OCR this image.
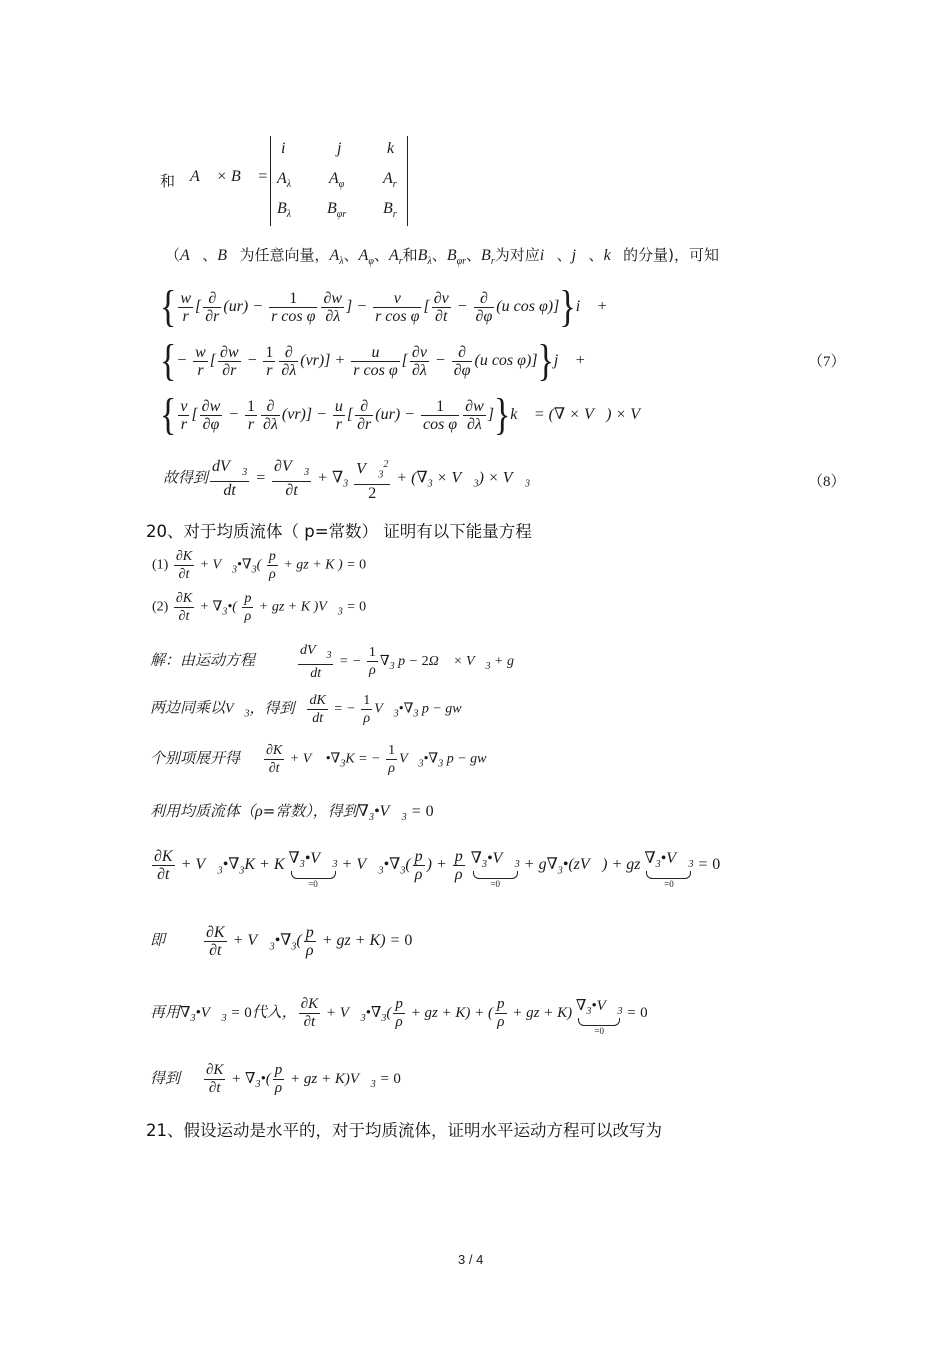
和 A⃗ × B⃗ =
i⃗ j⃗ k⃗
$A_\lambda$ $A_\varphi$ $A_r$
$B_\lambda$ $B_{\varphi r}$ $B_r$
（A⃗、B⃗为任意向量，$A_\lambda$、$A_\varphi$、$A_r$和$B_\lambda$、$B_{\varphi r}$、$B_r$为对应i⃗、j⃗、k⃗的分量)，可知
{ $\frac{w}{r}$ [ $\frac{\partial}{\partial r} (ur) - \frac{1}{\text{r cos φ}} \frac{\partial w}{\partial\lambda}$ ] − $\frac{v}{\text{r cos φ}}$ [ $\frac{\partial v}{\partial t} - \frac{\partial}{\partial\varphi} (u$ cos φ)]}i⃗ +
{− $\frac{w}{r}$ [ $\frac{\partial w}{\partial r} - \frac{1}{r} \frac{\partial}{\partial\lambda} (vr)] + \frac{u}{\text{r cos φ}}$ [ $\frac{\partial v}{\partial\lambda} - \frac{\partial}{\partial\varphi} (u$ cos φ)]}j⃗ +	（7）
{ $\frac{v}{r}$ [ $\frac{\partial w}{\partial\varphi} - \frac{1}{r} \frac{\partial}{\partial\lambda} (vr)] - \frac{u}{r}$ [ $\frac{\partial}{\partial r} (ur) - \frac{1}{\text{cos φ}} \frac{\partial w}{\partial\lambda}$ ]}k⃗ = (∇ × V⃗) × V⃗
故得到 $\frac{dV⃗_3}{dt} = \frac{\partial V⃗_3}{\partial t} + \nabla_3 \frac{V⃗_3^2}{2} + (\nabla_3$ × $V⃗_3$) × $V⃗_3$	（8）
20、对于均质流体（ p=常数） 证明有以下能量方程
$(1) \frac{\partial K}{\partial t}$ + $V⃗_3•\nabla_3( \frac{p}{\rho}$ + gz + K ) = 0
$(2) \frac{\partial K}{\partial t}$ + $\nabla_3•( \frac{p}{\rho}$ + gz + K )$V⃗_3 = 0$
解：由运动方程	$\frac{dV⃗_3}{dt}$ = − $\frac{1}{\rho} \nabla_3$ p − 2Ω⃗ × $V⃗_3$ + g⃗
两边同乘以$V⃗_3$，得到 $\frac{dK}{dt}$ = − $\frac{1}{\rho}$ $V⃗_3•\nabla_3$ p − gw
个别项展开得 $\frac{\partial K}{\partial t}$ + V⃗ $•\nabla_3K$ = − $\frac{1}{\rho}$ $V⃗_3•\nabla_3$ p − gw
利用均质流体（ρ=常数），得到$\nabla_3•V⃗_3 = 0$
$\frac{\partial K}{\partial t}$ + $V⃗_3•\nabla_3K + K$ $\nabla_3•V⃗_3$
=0
+ $V⃗_3•\nabla_3( \frac{p}{\rho}$ ) + $\frac{p}{\rho}$ $\nabla_3•V⃗_3$
=0
+ $g\nabla_3•(zV⃗)$ + gz $\nabla_3•V⃗_3$
=0
= 0
即 $\frac{\partial K}{\partial t}$ + $V⃗_3•\nabla_3( \frac{p}{\rho}$ + gz + K) = 0
再用$\nabla_3•V⃗_3 = 0$代入， $\frac{\partial K}{\partial t}$ + $V⃗_3•\nabla_3( \frac{p}{\rho}$ + gz + K) + ( $\frac{p}{\rho}$ + gz + K) $\nabla_3•V⃗_3$
=0
= 0
得到 $\frac{\partial K}{\partial t}$ + $\nabla_3•( \frac{p}{\rho}$ + gz + $K)V⃗_3 = 0$
21、假设运动是水平的，对于均质流体，证明水平运动方程可以改写为
3 / 4
